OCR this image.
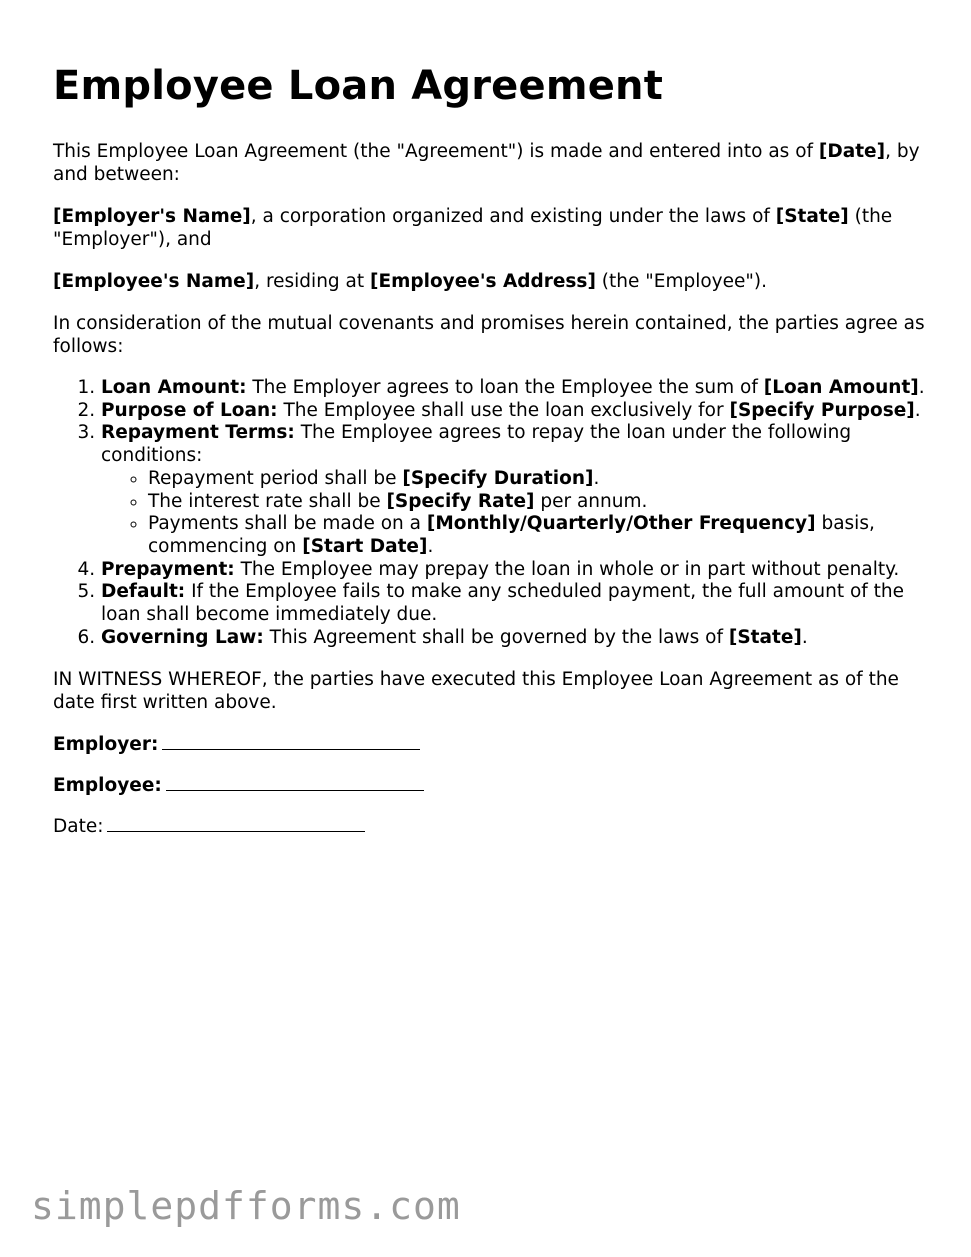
Employee Loan Agreement

This Employee Loan Agreement (the "Agreement") is made and entered into as of [Date], by and between:

[Employer's Name], a corporation organized and existing under the laws of [State] (the "Employer"), and

[Employee's Name], residing at [Employee's Address] (the "Employee").

In consideration of the mutual covenants and promises herein contained, the parties agree as follows:

1. Loan Amount: The Employer agrees to loan the Employee the sum of [Loan Amount].
2. Purpose of Loan: The Employee shall use the loan exclusively for [Specify Purpose].
3. Repayment Terms: The Employee agrees to repay the loan under the following conditions:
◦ Repayment period shall be [Specify Duration].
◦ The interest rate shall be [Specify Rate] per annum.
◦ Payments shall be made on a [Monthly/Quarterly/Other Frequency] basis, commencing on [Start Date].
4. Prepayment: The Employee may prepay the loan in whole or in part without penalty.
5. Default: If the Employee fails to make any scheduled payment, the full amount of the loan shall become immediately due.
6. Governing Law: This Agreement shall be governed by the laws of [State].

IN WITNESS WHEREOF, the parties have executed this Employee Loan Agreement as of the date first written above.

Employer:

Employee:

Date:

simplepdfforms.com
